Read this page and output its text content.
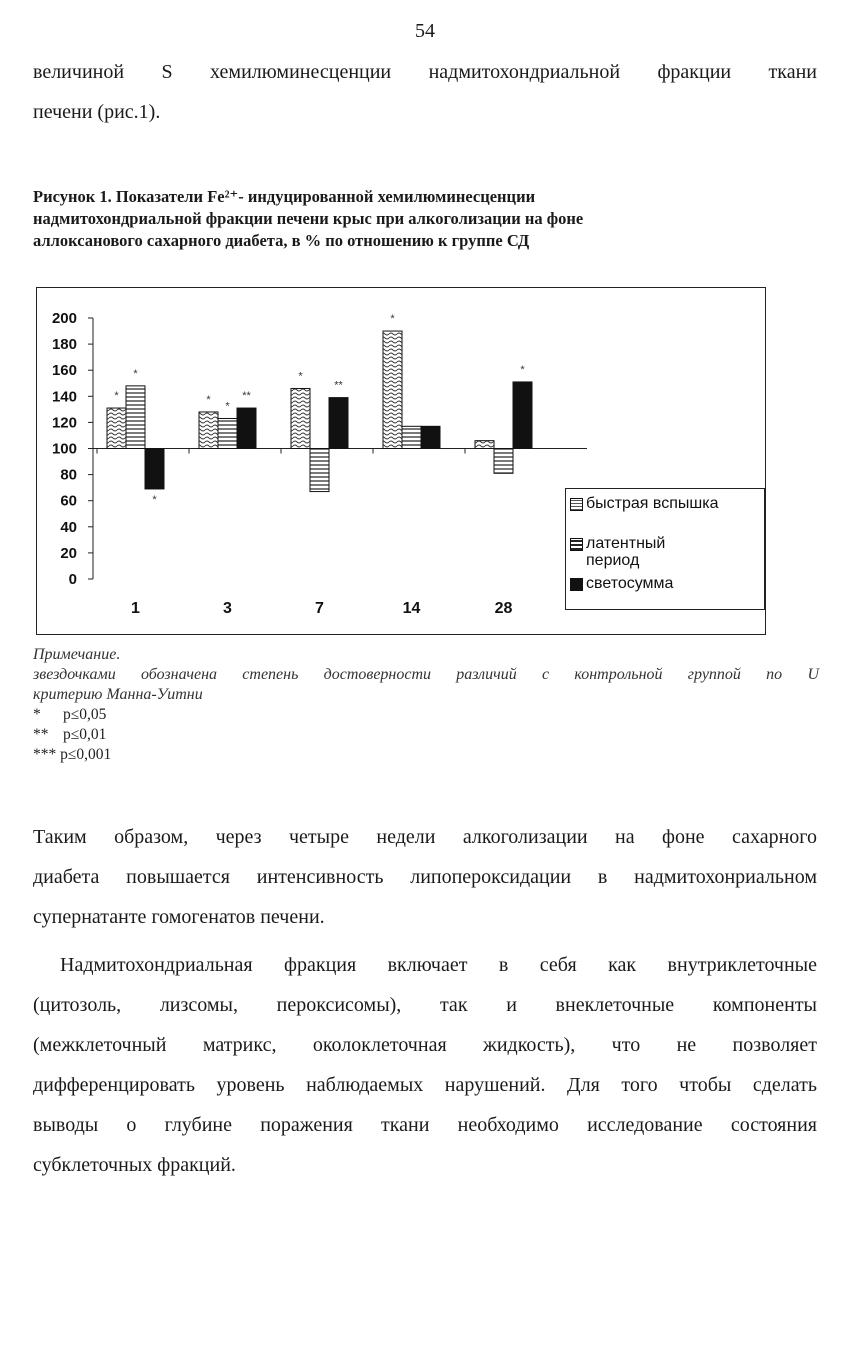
54

величиной S хемилюминесценции надмитохондриальной фракции ткани

печени (рис.1).

Рисунок 1. Показатели Fe²⁺- индуцированной хемилюминесценции
надмитохондриальной фракции печени крыс при алкоголизации на фоне
аллоксанового сахарного диабета, в % по отношению к группе СД
0
20
40
60
80
100
120
140
160
180
200
1	3	7	14	28
*	*
*
*
*
*
*
**
**
*
быстрая вспышка
латентный
период
светосумма
Примечание.
звездочками обозначена степень достоверности различий с контрольной группой по U
критерию Манна-Уитни
* p≤0,05
** p≤0,01
*** p≤0,001

Таким образом, через четыре недели алкоголизации на фоне сахарного

диабета повышается интенсивность липопероксидации в надмитохонриальном

супернатанте гомогенатов печени.

Надмитохондриальная фракция включает в себя как внутриклеточные

(цитозоль, лизсомы, пероксисомы), так и внеклеточные компоненты

(межклеточный матрикс, околоклеточная жидкость), что не позволяет

дифференцировать уровень наблюдаемых нарушений. Для того чтобы сделать

выводы о глубине поражения ткани необходимо исследование состояния

субклеточных фракций.
